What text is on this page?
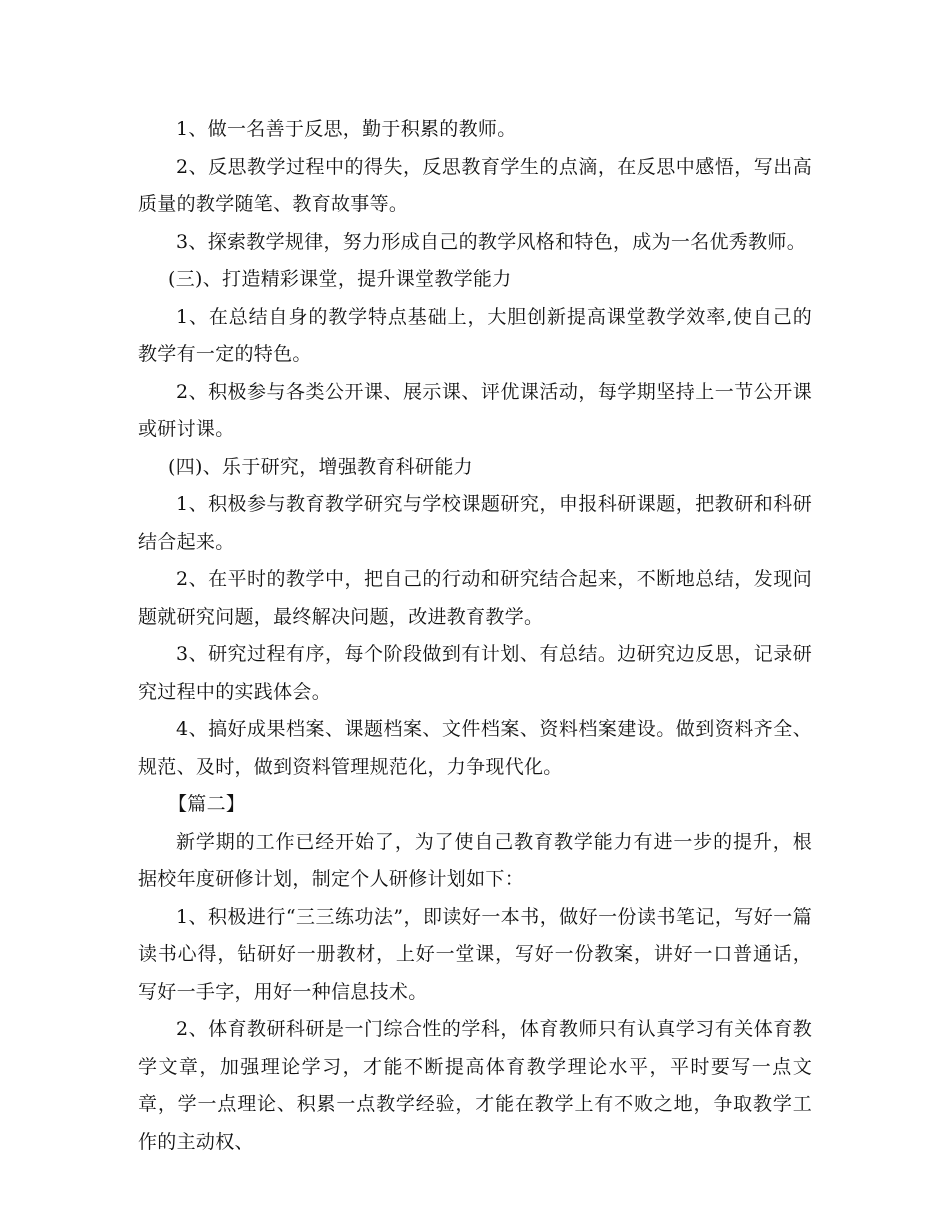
1、做一名善于反思，勤于积累的教师。

2、反思教学过程中的得失，反思教育学生的点滴，在反思中感悟，写出高质量的教学随笔、教育故事等。

3、探索教学规律，努力形成自己的教学风格和特色，成为一名优秀教师。

(三)、打造精彩课堂，提升课堂教学能力

1、在总结自身的教学特点基础上，大胆创新提高课堂教学效率,使自己的教学有一定的特色。

2、积极参与各类公开课、展示课、评优课活动，每学期坚持上一节公开课或研讨课。

(四)、乐于研究，增强教育科研能力

1、积极参与教育教学研究与学校课题研究，申报科研课题，把教研和科研结合起来。

2、在平时的教学中，把自己的行动和研究结合起来，不断地总结，发现问题就研究问题，最终解决问题，改进教育教学。

3、研究过程有序，每个阶段做到有计划、有总结。边研究边反思，记录研究过程中的实践体会。

4、搞好成果档案、课题档案、文件档案、资料档案建设。做到资料齐全、规范、及时，做到资料管理规范化，力争现代化。

【篇二】

新学期的工作已经开始了，为了使自己教育教学能力有进一步的提升，根据校年度研修计划，制定个人研修计划如下：

1、积极进行“三三练功法”，即读好一本书，做好一份读书笔记，写好一篇读书心得，钻研好一册教材，上好一堂课，写好一份教案，讲好一口普通话，写好一手字，用好一种信息技术。

2、体育教研科研是一门综合性的学科，体育教师只有认真学习有关体育教学文章，加强理论学习，才能不断提高体育教学理论水平，平时要写一点文章，学一点理论、积累一点教学经验，才能在教学上有不败之地，争取教学工作的主动权、
